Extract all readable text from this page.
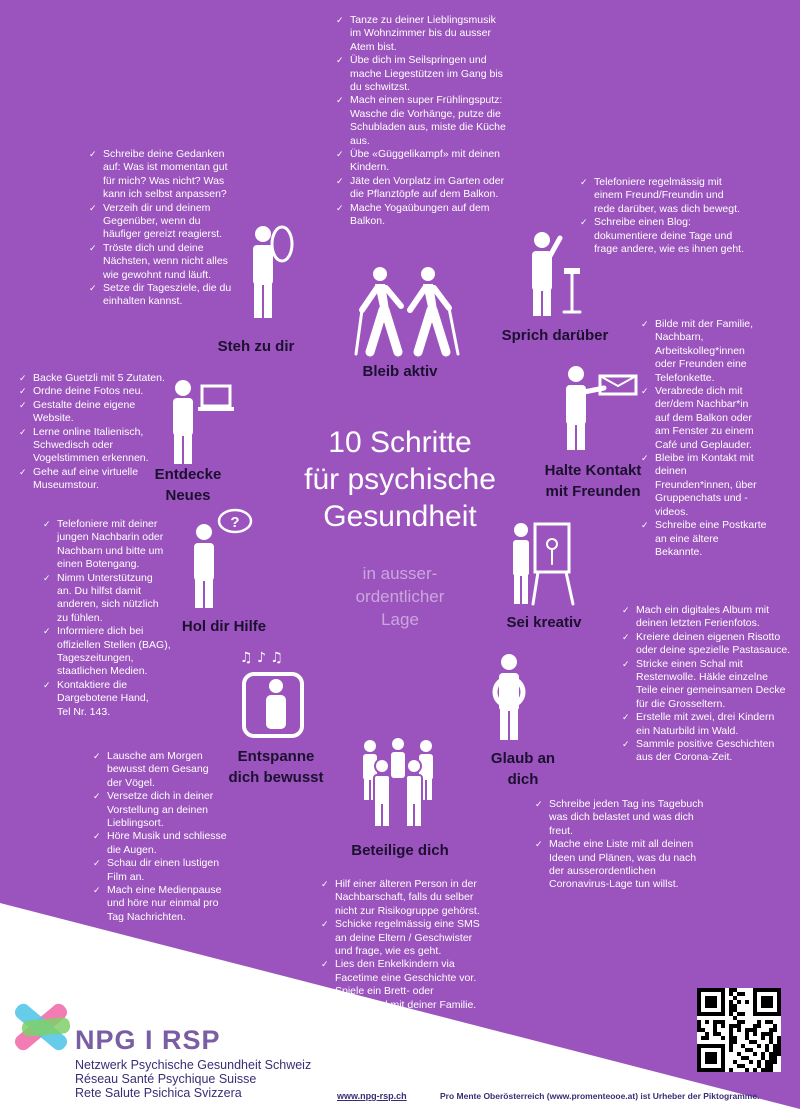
10 Schritte
für psychische
Gesundheit
in ausser-
ordentlicher
Lage
✓ Tanze zu deiner Lieblingsmusik
im Wohnzimmer bis du ausser
Atem bist.
✓ Übe dich im Seilspringen und
mache Liegestützen im Gang bis
du schwitzst.
✓ Mach einen super Frühlingsputz:
Wasche die Vorhänge, putze die
Schubladen aus, miste die Küche
aus.
✓ Übe «Güggelikampf» mit deinen
Kindern.
✓ Jäte den Vorplatz im Garten oder
die Pflanztöpfe auf dem Balkon.
✓ Mache Yogaübungen auf dem
Balkon.
Bleib aktiv
✓ Schreibe deine Gedanken
auf: Was ist momentan gut
für mich? Was nicht? Was
kann ich selbst anpassen?
✓ Verzeih dir und deinem
Gegenüber, wenn du
häufiger gereizt reagierst.
✓ Tröste dich und deine
Nächsten, wenn nicht alles
wie gewohnt rund läuft.
✓ Setze dir Tagesziele, die du
einhalten kannst.
Steh zu dir
✓ Telefoniere regelmässig mit
einem Freund/Freundin und
rede darüber, was dich bewegt.
✓ Schreibe einen Blog:
dokumentiere deine Tage und
frage andere, wie es ihnen geht.
Sprich darüber
✓ Backe Guetzli mit 5 Zutaten.
✓ Ordne deine Fotos neu.
✓ Gestalte deine eigene
Website.
✓ Lerne online Italienisch,
Schwedisch oder
Vogelstimmen erkennen.
✓ Gehe auf eine virtuelle
Museumstour.
Entdecke
Neues
✓ Bilde mit der Familie,
Nachbarn,
Arbeitskolleg*innen
oder Freunden eine
Telefonkette.
✓ Verabrede dich mit
der/dem Nachbar*in
auf dem Balkon oder
am Fenster zu einem
Café und Geplauder.
✓ Bleibe im Kontakt mit
deinen
Freunden*innen, über
Gruppenchats und -
videos.
✓ Schreibe eine Postkarte
an eine ältere
Bekannte.
Halte Kontakt
mit Freunden
✓ Telefoniere mit deiner
jungen Nachbarin oder
Nachbarn und bitte um
einen Botengang.
✓ Nimm Unterstützung
an. Du hilfst damit
anderen, sich nützlich
zu fühlen.
✓ Informiere dich bei
offiziellen Stellen (BAG),
Tageszeitungen,
staatlichen Medien.
✓ Kontaktiere die
Dargebotene Hand,
Tel Nr. 143.
?
Hol dir Hilfe
✓ Mach ein digitales Album mit
deinen letzten Ferienfotos.
✓ Kreiere deinen eigenen Risotto
oder deine spezielle Pastasauce.
✓ Stricke einen Schal mit
Restenwolle. Häkle einzelne
Teile einer gemeinsamen Decke
für die Grosseltern.
✓ Erstelle mit zwei, drei Kindern
ein Naturbild im Wald.
✓ Sammle positive Geschichten
aus der Corona-Zeit.
Sei kreativ
✓ Lausche am Morgen
bewusst dem Gesang
der Vögel.
✓ Versetze dich in deiner
Vorstellung an deinen
Lieblingsort.
✓ Höre Musik und schliesse
die Augen.
✓ Schau dir einen lustigen
Film an.
✓ Mach eine Medienpause
und höre nur einmal pro
Tag Nachrichten.
♫ ♪ ♫
Entspanne
dich bewusst
✓ Schreibe jeden Tag ins Tagebuch
was dich belastet und was dich
freut.
✓ Mache eine Liste mit all deinen
Ideen und Plänen, was du nach
der ausserordentlichen
Coronavirus-Lage tun willst.
Glaub an
dich
✓ Hilf einer älteren Person in der
Nachbarschaft, falls du selber
nicht zur Risikogruppe gehörst.
✓ Schicke regelmässig eine SMS
an deine Eltern / Geschwister
und frage, wie es geht.
✓ Lies den Enkelkindern via
Facetime eine Geschichte vor.
✓ Spiele ein Brett- oder
Kartenspiel mit deiner Familie.
Beteilige dich
NPG I RSP
Netzwerk Psychische Gesundheit Schweiz
Réseau Santé Psychique Suisse
Rete Salute Psichica Svizzera	www.npg-rsp.ch	Pro Mente Oberösterreich (www.promenteooe.at) ist Urheber der Piktogramme.
